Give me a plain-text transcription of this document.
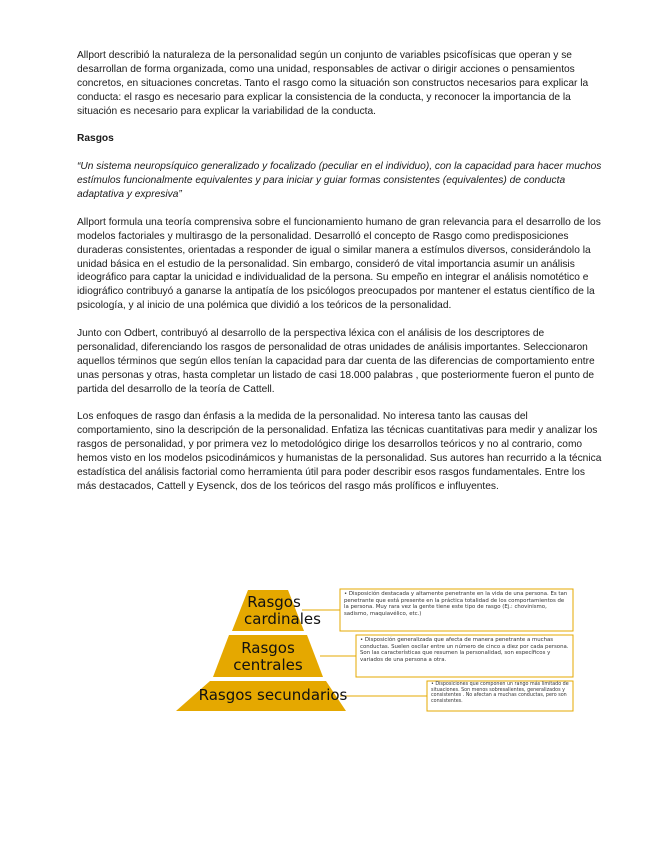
Allport describió la naturaleza de la personalidad según un conjunto de variables psicofísicas que operan y se desarrollan de forma organizada, como una unidad, responsables de activar o dirigir acciones o pensamientos concretos, en situaciones concretas. Tanto el rasgo como la situación son constructos necesarios para explicar la conducta: el rasgo es necesario para explicar la consistencia de la conducta, y reconocer la importancia de la situación es necesario para explicar la variabilidad de la conducta.

Rasgos

“Un sistema neuropsíquico generalizado y focalizado (peculiar en el individuo), con la capacidad para hacer muchos estímulos funcionalmente equivalentes y para iniciar y guiar formas consistentes (equivalentes) de conducta adaptativa y expresiva”

Allport formula una teoría comprensiva sobre el funcionamiento humano de gran relevancia para el desarrollo de los modelos factoriales y multirasgo de la personalidad. Desarrolló el concepto de Rasgo como predisposiciones duraderas consistentes, orientadas a responder de igual o similar manera a estímulos diversos, considerándolo la unidad básica en el estudio de la personalidad. Sin embargo, consideró de vital importancia asumir un análisis ideográfico para captar la unicidad e individualidad de la persona. Su empeño en integrar el análisis nomotético e idiográfico contribuyó a ganarse la antipatía de los psicólogos preocupados por mantener el estatus científico de la psicología, y al inicio de una polémica que dividió a los teóricos de la personalidad.

Junto con Odbert, contribuyó al desarrollo de la perspectiva léxica con el análisis de los descriptores de personalidad, diferenciando los rasgos de personalidad de otras unidades de análisis importantes. Seleccionaron aquellos términos que según ellos tenían la capacidad para dar cuenta de las diferencias de comportamiento entre unas personas y otras, hasta completar un listado de casi 18.000 palabras , que posteriormente fueron el punto de partida del desarrollo de la teoría de Cattell.

Los enfoques de rasgo dan énfasis a la medida de la personalidad. No interesa tanto las causas del comportamiento, sino la descripción de la personalidad. Enfatiza las técnicas cuantitativas para medir y analizar los rasgos de personalidad, y por primera vez lo metodológico dirige los desarrollos teóricos y no al contrario, como hemos visto en los modelos psicodinámicos y humanistas de la personalidad. Sus autores han recurrido a la técnica estadística del análisis factorial como herramienta útil para poder describir esos rasgos fundamentales. Entre los más destacados, Cattell y Eysenck, dos de los teóricos del rasgo más prolíficos e influyentes.

Rasgos cardinales
Rasgos centrales
Rasgos secundarios
• Disposición destacada y altamente penetrante en la vida de una persona. Es tan penetrante que está presente en la práctica totalidad de los comportamientos de la persona. Muy rara vez la gente tiene este tipo de rasgo (Ej.: chovinismo, sadismo, maquiavélico, etc.)
• Disposición generalizada que afecta de manera penetrante a muchas conductas. Suelen oscilar entre un número de cinco a diez por cada persona. Son las características que resumen la personalidad, son específicos y variados de una persona a otra.
• Disposiciones que componen un rango más limitado de situaciones. Son menos sobresalientes, generalizados y consistentes . No afectan a muchas conductas, pero son consistentes.
